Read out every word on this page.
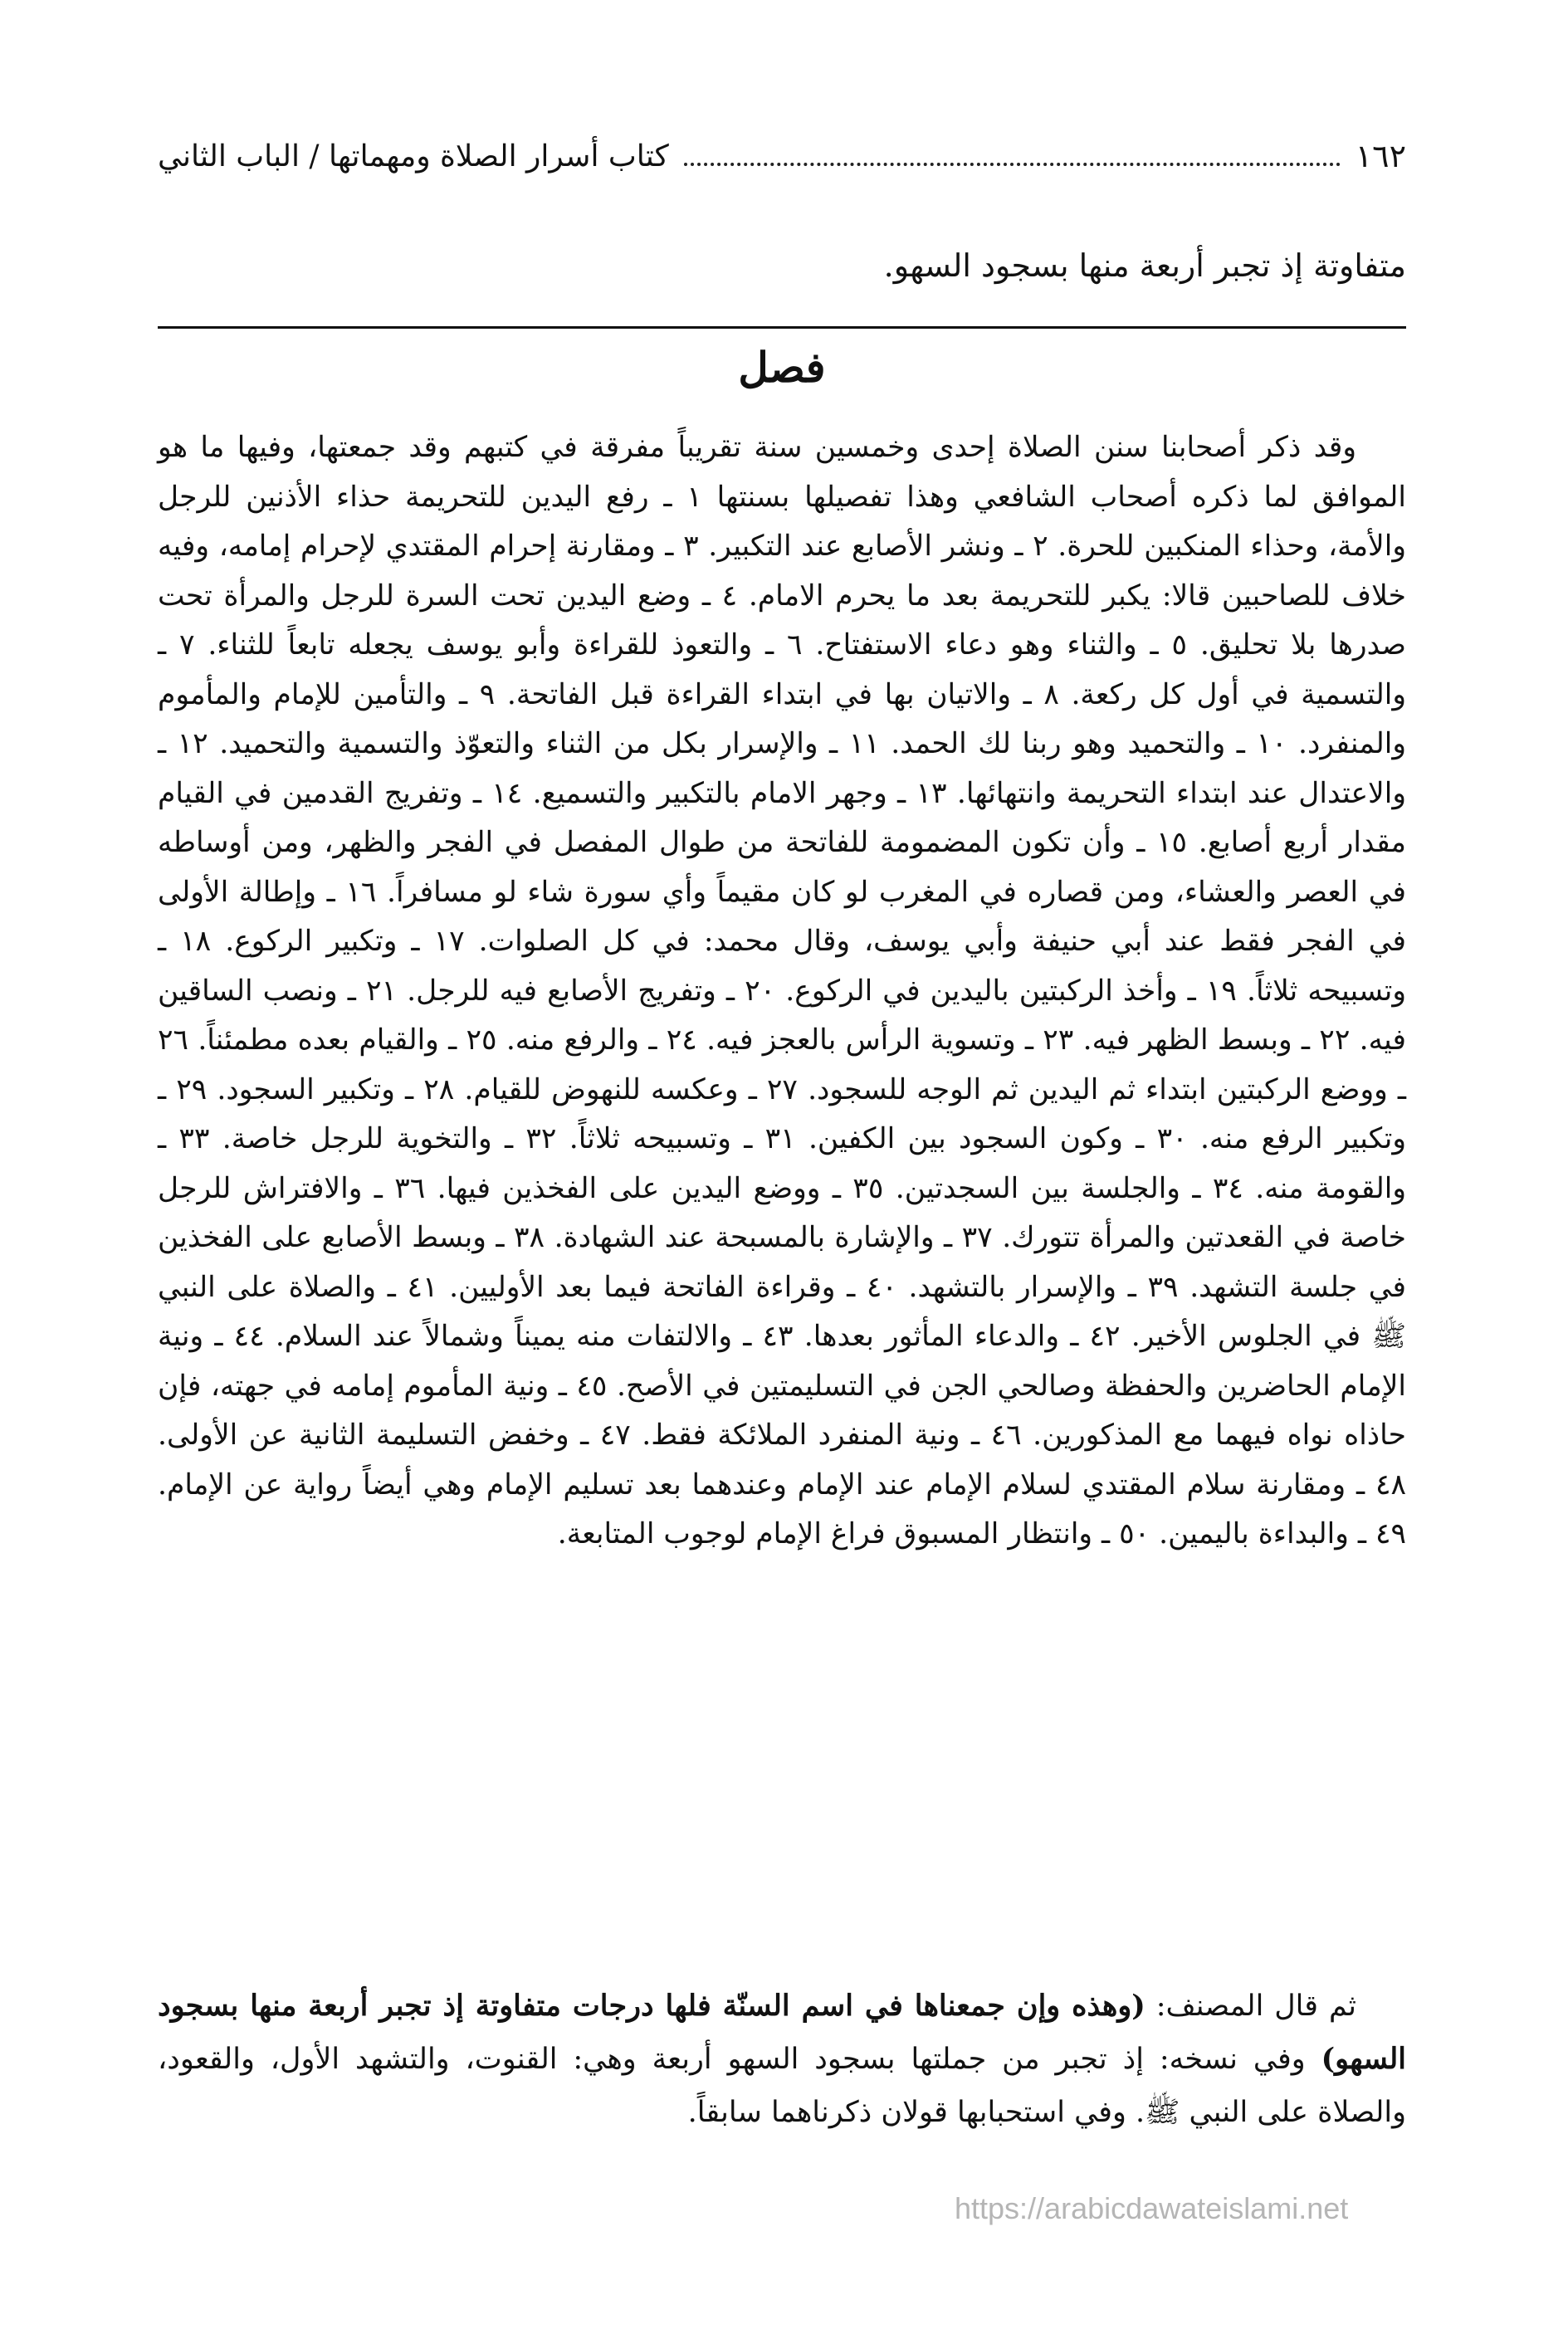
١٦٢
كتاب أسرار الصلاة ومهماتها / الباب الثاني
متفاوتة إذ تجبر أربعة منها بسجود السهو.
فصل

وقد ذكر أصحابنا سنن الصلاة إحدى وخمسين سنة تقريباً مفرقة في كتبهم وقد جمعتها، وفيها ما هو الموافق لما ذكره أصحاب الشافعي وهذا تفصيلها بسنتها ١ ـ رفع اليدين للتحريمة حذاء الأذنين للرجل والأمة، وحذاء المنكبين للحرة. ٢ ـ ونشر الأصابع عند التكبير. ٣ ـ ومقارنة إحرام المقتدي لإحرام إمامه، وفيه خلاف للصاحبين قالا: يكبر للتحريمة بعد ما يحرم الامام. ٤ ـ وضع اليدين تحت السرة للرجل والمرأة تحت صدرها بلا تحليق. ٥ ـ والثناء وهو دعاء الاستفتاح. ٦ ـ والتعوذ للقراءة وأبو يوسف يجعله تابعاً للثناء. ٧ ـ والتسمية في أول كل ركعة. ٨ ـ والاتيان بها في ابتداء القراءة قبل الفاتحة. ٩ ـ والتأمين للإمام والمأموم والمنفرد. ١٠ ـ والتحميد وهو ربنا لك الحمد. ١١ ـ والإسرار بكل من الثناء والتعوّذ والتسمية والتحميد. ١٢ ـ والاعتدال عند ابتداء التحريمة وانتهائها. ١٣ ـ وجهر الامام بالتكبير والتسميع. ١٤ ـ وتفريج القدمين في القيام مقدار أربع أصابع. ١٥ ـ وأن تكون المضمومة للفاتحة من طوال المفصل في الفجر والظهر، ومن أوساطه في العصر والعشاء، ومن قصاره في المغرب لو كان مقيماً وأي سورة شاء لو مسافراً. ١٦ ـ وإطالة الأولى في الفجر فقط عند أبي حنيفة وأبي يوسف، وقال محمد: في كل الصلوات. ١٧ ـ وتكبير الركوع. ١٨ ـ وتسبيحه ثلاثاً. ١٩ ـ وأخذ الركبتين باليدين في الركوع. ٢٠ ـ وتفريج الأصابع فيه للرجل. ٢١ ـ ونصب الساقين فيه. ٢٢ ـ وبسط الظهر فيه. ٢٣ ـ وتسوية الرأس بالعجز فيه. ٢٤ ـ والرفع منه. ٢٥ ـ والقيام بعده مطمئناً. ٢٦ ـ ووضع الركبتين ابتداء ثم اليدين ثم الوجه للسجود. ٢٧ ـ وعكسه للنهوض للقيام. ٢٨ ـ وتكبير السجود. ٢٩ ـ وتكبير الرفع منه. ٣٠ ـ وكون السجود بين الكفين. ٣١ ـ وتسبيحه ثلاثاً. ٣٢ ـ والتخوية للرجل خاصة. ٣٣ ـ والقومة منه. ٣٤ ـ والجلسة بين السجدتين. ٣٥ ـ ووضع اليدين على الفخذين فيها. ٣٦ ـ والافتراش للرجل خاصة في القعدتين والمرأة تتورك. ٣٧ ـ والإشارة بالمسبحة عند الشهادة. ٣٨ ـ وبسط الأصابع على الفخذين في جلسة التشهد. ٣٩ ـ والإسرار بالتشهد. ٤٠ ـ وقراءة الفاتحة فيما بعد الأوليين. ٤١ ـ والصلاة على النبي ﷺ في الجلوس الأخير. ٤٢ ـ والدعاء المأثور بعدها. ٤٣ ـ والالتفات منه يميناً وشمالاً عند السلام. ٤٤ ـ ونية الإمام الحاضرين والحفظة وصالحي الجن في التسليمتين في الأصح. ٤٥ ـ ونية المأموم إمامه في جهته، فإن حاذاه نواه فيهما مع المذكورين. ٤٦ ـ ونية المنفرد الملائكة فقط. ٤٧ ـ وخفض التسليمة الثانية عن الأولى. ٤٨ ـ ومقارنة سلام المقتدي لسلام الإمام عند الإمام وعندهما بعد تسليم الإمام وهي أيضاً رواية عن الإمام. ٤٩ ـ والبداءة باليمين. ٥٠ ـ وانتظار المسبوق فراغ الإمام لوجوب المتابعة.

ثم قال المصنف: (وهذه وإن جمعناها في اسم السنّة فلها درجات متفاوتة إذ تجبر أربعة منها بسجود السهو) وفي نسخه: إذ تجبر من جملتها بسجود السهو أربعة وهي: القنوت، والتشهد الأول، والقعود، والصلاة على النبي ﷺ. وفي استحبابها قولان ذكرناهما سابقاً.

https://arabicdawateislami.net
